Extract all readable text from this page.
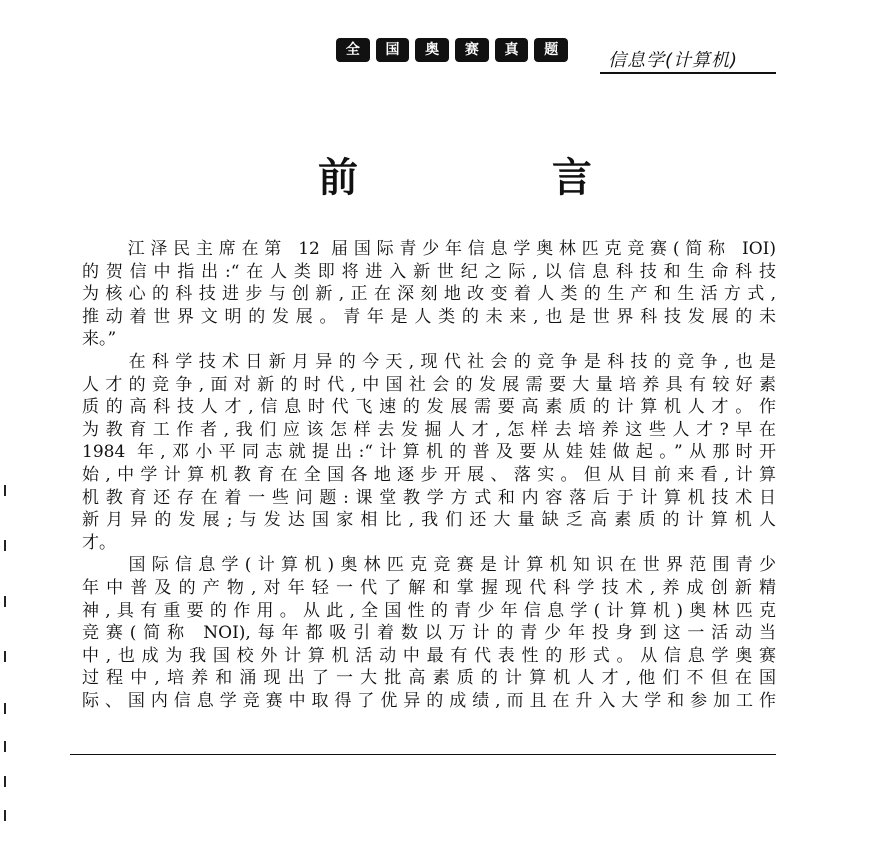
全	国	奥	赛	真	题	信息学(计算机)
前 言
　　江泽民主席在第 12 届国际青少年信息学奥林匹克竞赛(简称 IOI)
的贺信中指出:“在人类即将进入新世纪之际,以信息科技和生命科技
为核心的科技进步与创新,正在深刻地改变着人类的生产和生活方式,
推动着世界文明的发展。青年是人类的未来,也是世界科技发展的未
来。”
　　在科学技术日新月异的今天,现代社会的竞争是科技的竞争,也是
人才的竞争,面对新的时代,中国社会的发展需要大量培养具有较好素
质的高科技人才,信息时代飞速的发展需要高素质的计算机人才。作
为教育工作者,我们应该怎样去发掘人才,怎样去培养这些人才?早在
1984 年,邓小平同志就提出:“计算机的普及要从娃娃做起。”从那时开
始,中学计算机教育在全国各地逐步开展、落实。但从目前来看,计算
机教育还存在着一些问题:课堂教学方式和内容落后于计算机技术日
新月异的发展;与发达国家相比,我们还大量缺乏高素质的计算机人
才。
　　国际信息学(计算机)奥林匹克竞赛是计算机知识在世界范围青少
年中普及的产物,对年轻一代了解和掌握现代科学技术,养成创新精
神,具有重要的作用。从此,全国性的青少年信息学(计算机)奥林匹克
竞赛(简称 NOI),每年都吸引着数以万计的青少年投身到这一活动当
中,也成为我国校外计算机活动中最有代表性的形式。从信息学奥赛
过程中,培养和涌现出了一大批高素质的计算机人才,他们不但在国
际、国内信息学竞赛中取得了优异的成绩,而且在升入大学和参加工作
